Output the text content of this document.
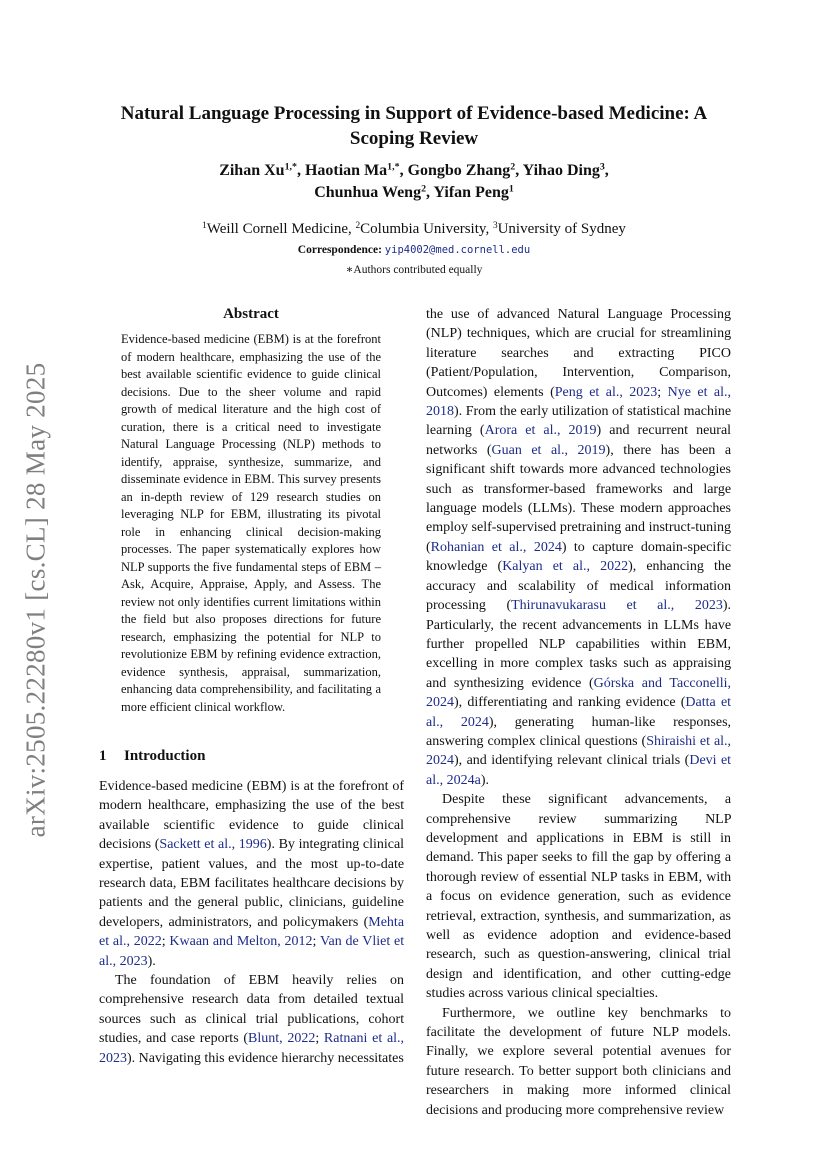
arXiv:2505.22280v1 [cs.CL] 28 May 2025
Natural Language Processing in Support of Evidence-based Medicine: A Scoping Review
Zihan $Xu^{1,*}$, Haotian $Ma^{1,*}$, Gongbo Zhang$^2$, Yihao Ding$^3$,
Chunhua Weng$^2$, Yifan Peng$^1$
$^1$Weill Cornell Medicine, $^2$Columbia University, $^3$University of Sydney
Correspondence: yip4002@med.cornell.edu
∗Authors contributed equally
Abstract

Evidence-based medicine (EBM) is at the forefront of modern healthcare, emphasizing the use of the best available scientific evidence to guide clinical decisions. Due to the sheer volume and rapid growth of medical literature and the high cost of curation, there is a critical need to investigate Natural Language Processing (NLP) methods to identify, appraise, synthesize, summarize, and disseminate evidence in EBM. This survey presents an in-depth review of 129 research studies on leveraging NLP for EBM, illustrating its pivotal role in enhancing clinical decision-making processes. The paper systematically explores how NLP supports the five fundamental steps of EBM – Ask, Acquire, Appraise, Apply, and Assess. The review not only identifies current limitations within the field but also proposes directions for future research, emphasizing the potential for NLP to revolutionize EBM by refining evidence extraction, evidence synthesis, appraisal, summarization, enhancing data comprehensibility, and facilitating a more efficient clinical workflow.

1 Introduction

Evidence-based medicine (EBM) is at the forefront of modern healthcare, emphasizing the use of the best available scientific evidence to guide clinical decisions (Sackett et al., 1996). By integrating clinical expertise, patient values, and the most up-to-date research data, EBM facilitates healthcare decisions by patients and the general public, clinicians, guideline developers, administrators, and policymakers (Mehta et al., 2022; Kwaan and Melton, 2012; Van de Vliet et al., 2023).

The foundation of EBM heavily relies on comprehensive research data from detailed textual sources such as clinical trial publications, cohort studies, and case reports (Blunt, 2022; Ratnani et al., 2023). Navigating this evidence hierarchy necessitates

the use of advanced Natural Language Processing (NLP) techniques, which are crucial for streamlining literature searches and extracting PICO (Patient/Population, Intervention, Comparison, Outcomes) elements (Peng et al., 2023; Nye et al., 2018). From the early utilization of statistical machine learning (Arora et al., 2019) and recurrent neural networks (Guan et al., 2019), there has been a significant shift towards more advanced technologies such as transformer-based frameworks and large language models (LLMs). These modern approaches employ self-supervised pretraining and instruct-tuning (Rohanian et al., 2024) to capture domain-specific knowledge (Kalyan et al., 2022), enhancing the accuracy and scalability of medical information processing (Thirunavukarasu et al., 2023). Particularly, the recent advancements in LLMs have further propelled NLP capabilities within EBM, excelling in more complex tasks such as appraising and synthesizing evidence (Górska and Tacconelli, 2024), differentiating and ranking evidence (Datta et al., 2024), generating human-like responses, answering complex clinical questions (Shiraishi et al., 2024), and identifying relevant clinical trials (Devi et al., 2024a).

Despite these significant advancements, a comprehensive review summarizing NLP development and applications in EBM is still in demand. This paper seeks to fill the gap by offering a thorough review of essential NLP tasks in EBM, with a focus on evidence generation, such as evidence retrieval, extraction, synthesis, and summarization, as well as evidence adoption and evidence-based research, such as question-answering, clinical trial design and identification, and other cutting-edge studies across various clinical specialties.

Furthermore, we outline key benchmarks to facilitate the development of future NLP models. Finally, we explore several potential avenues for future research. To better support both clinicians and researchers in making more informed clinical decisions and producing more comprehensive review
